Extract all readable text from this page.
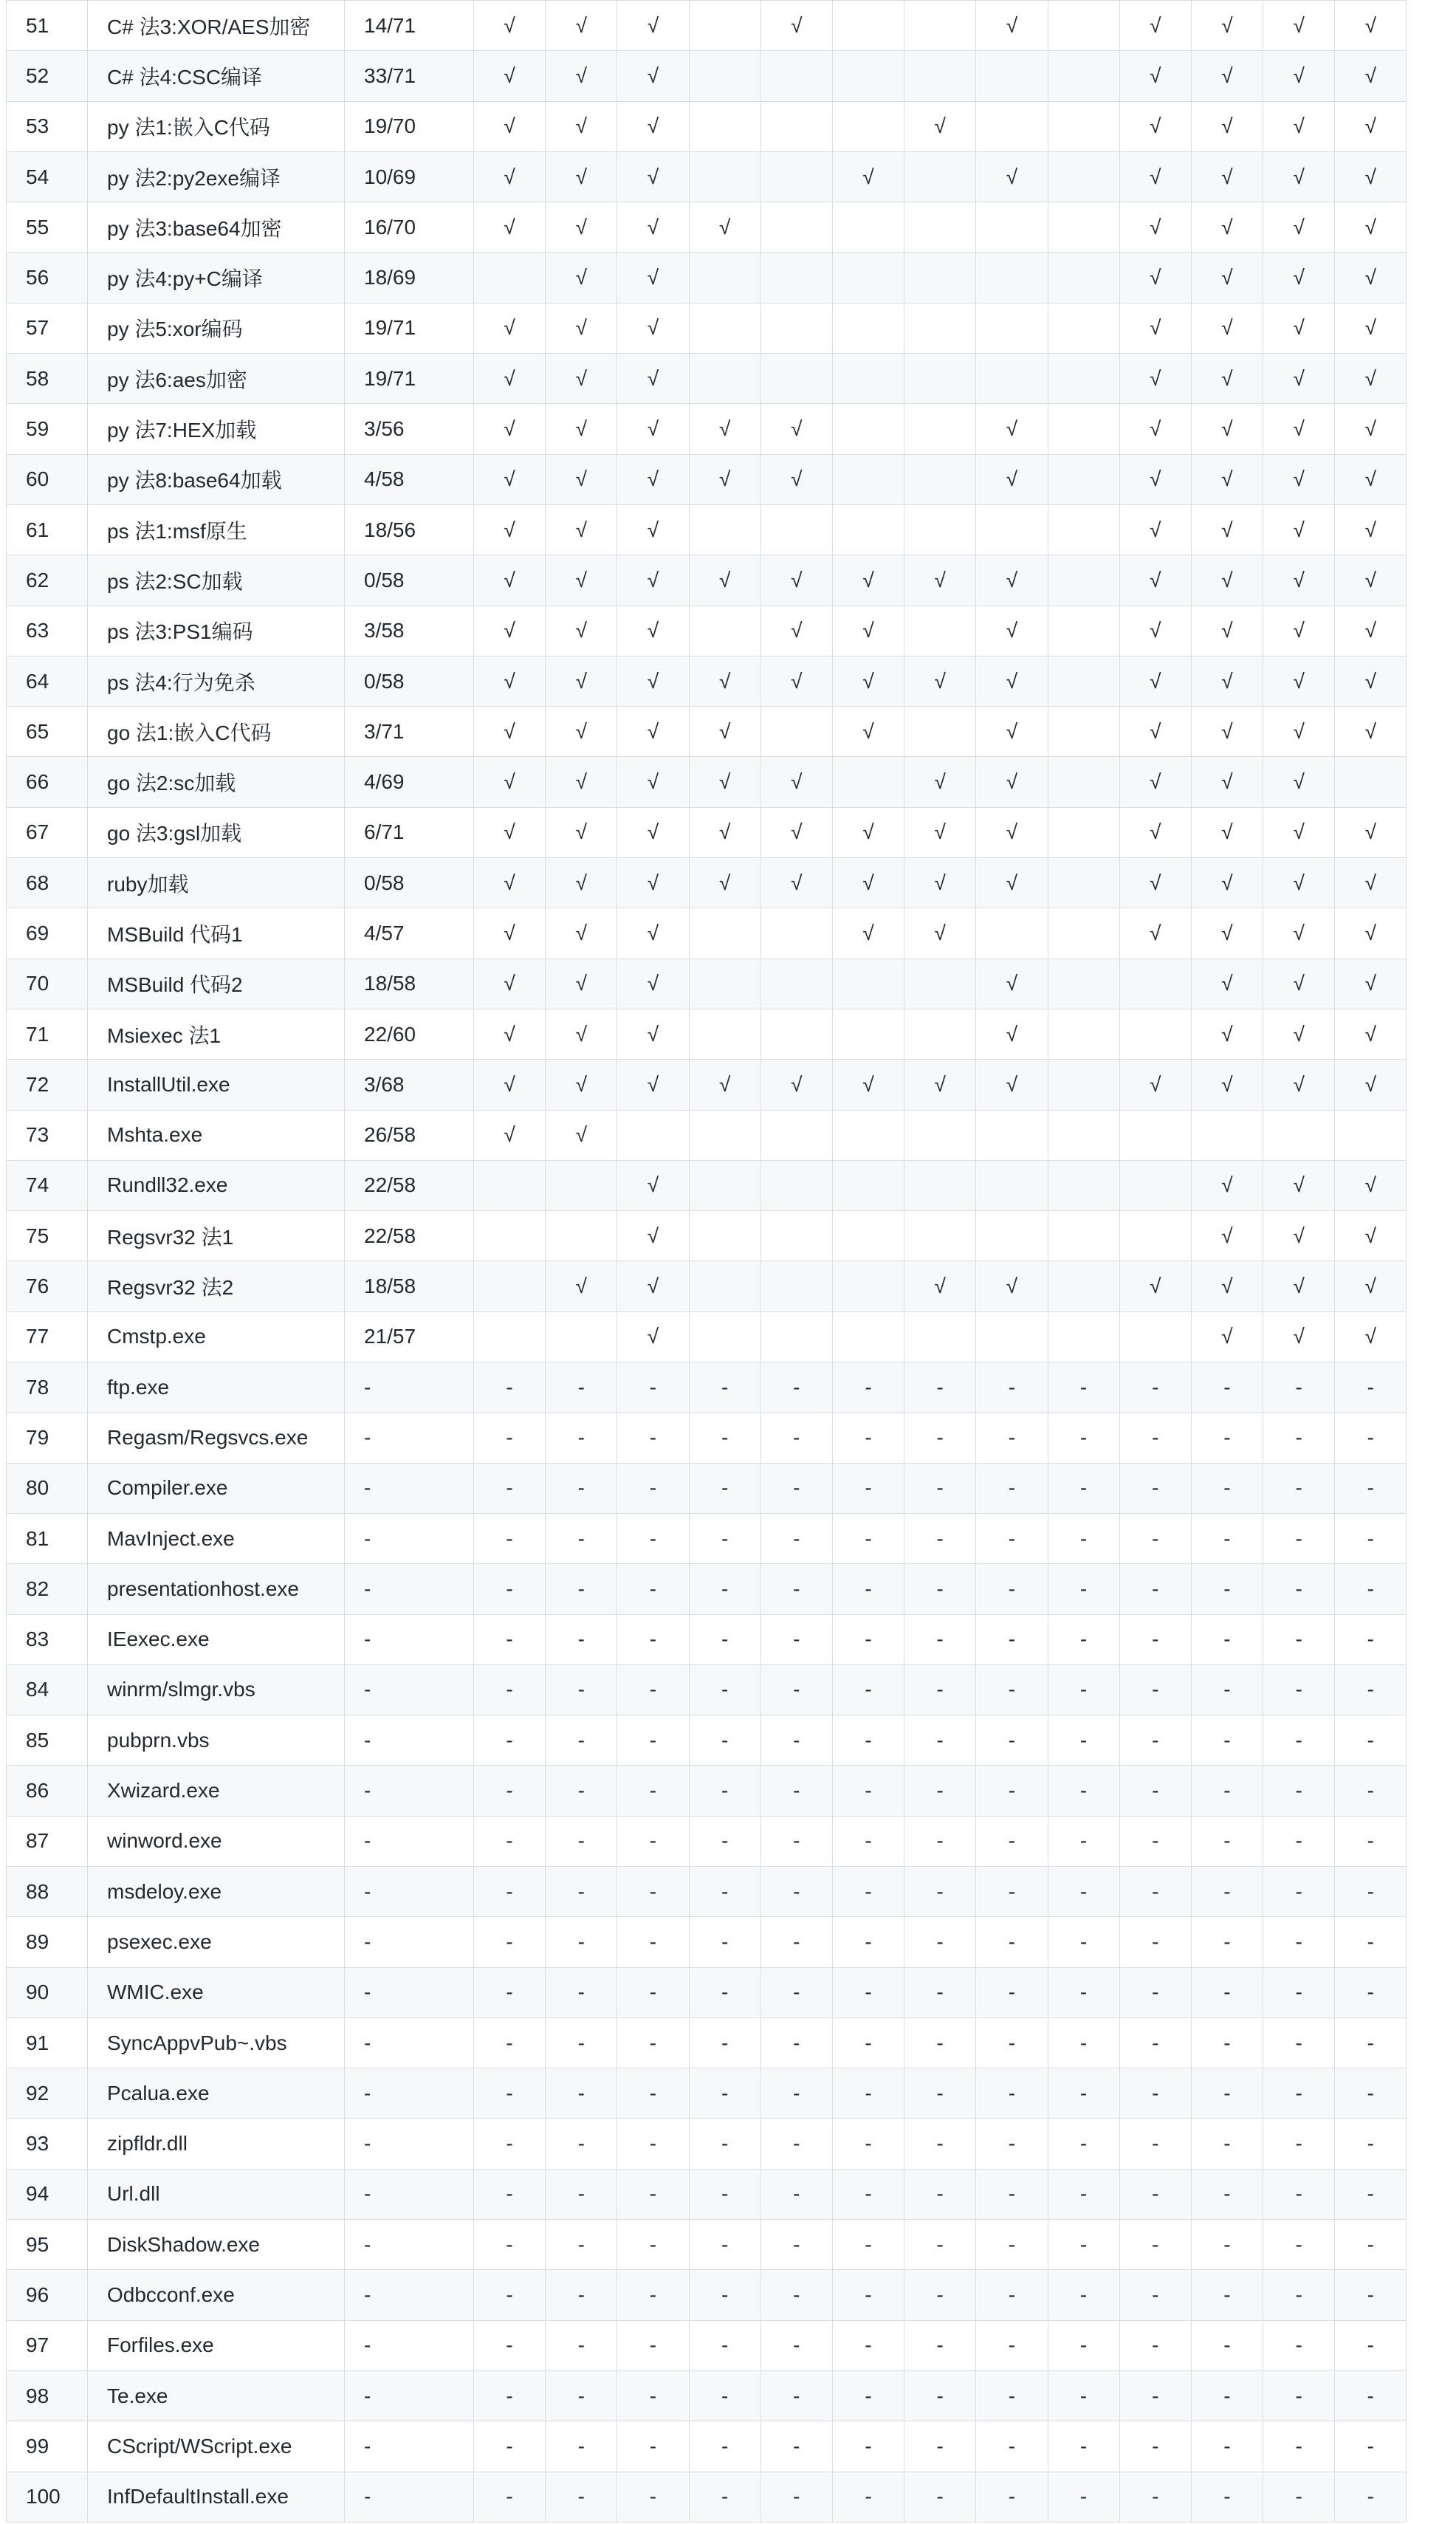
51	C# 法3:XOR/AES加密	14/71	√	√	√		√			√		√	√	√	√
52	C# 法4:CSC编译	33/71	√	√	√							√	√	√	√
53	py 法1:嵌入C代码	19/70	√	√	√				√			√	√	√	√
54	py 法2:py2exe编译	10/69	√	√	√			√		√		√	√	√	√
55	py 法3:base64加密	16/70	√	√	√	√						√	√	√	√
56	py 法4:py+C编译	18/69		√	√							√	√	√	√
57	py 法5:xor编码	19/71	√	√	√							√	√	√	√
58	py 法6:aes加密	19/71	√	√	√							√	√	√	√
59	py 法7:HEX加载	3/56	√	√	√	√	√			√		√	√	√	√
60	py 法8:base64加载	4/58	√	√	√	√	√			√		√	√	√	√
61	ps 法1:msf原生	18/56	√	√	√							√	√	√	√
62	ps 法2:SC加载	0/58	√	√	√	√	√	√	√	√		√	√	√	√
63	ps 法3:PS1编码	3/58	√	√	√		√	√		√		√	√	√	√
64	ps 法4:行为免杀	0/58	√	√	√	√	√	√	√	√		√	√	√	√
65	go 法1:嵌入C代码	3/71	√	√	√	√		√		√		√	√	√	√
66	go 法2:sc加载	4/69	√	√	√	√	√		√	√		√	√	√	
67	go 法3:gsl加载	6/71	√	√	√	√	√	√	√	√		√	√	√	√
68	ruby加载	0/58	√	√	√	√	√	√	√	√		√	√	√	√
69	MSBuild 代码1	4/57	√	√	√			√	√			√	√	√	√
70	MSBuild 代码2	18/58	√	√	√					√			√	√	√
71	Msiexec 法1	22/60	√	√	√					√			√	√	√
72	InstallUtil.exe	3/68	√	√	√	√	√	√	√	√		√	√	√	√
73	Mshta.exe	26/58	√	√											
74	Rundll32.exe	22/58			√								√	√	√
75	Regsvr32 法1	22/58			√								√	√	√
76	Regsvr32 法2	18/58		√	√				√	√		√	√	√	√
77	Cmstp.exe	21/57			√								√	√	√
78	ftp.exe	-	-	-	-	-	-	-	-	-	-	-	-	-	-
79	Regasm/Regsvcs.exe	-	-	-	-	-	-	-	-	-	-	-	-	-	-
80	Compiler.exe	-	-	-	-	-	-	-	-	-	-	-	-	-	-
81	MavInject.exe	-	-	-	-	-	-	-	-	-	-	-	-	-	-
82	presentationhost.exe	-	-	-	-	-	-	-	-	-	-	-	-	-	-
83	IEexec.exe	-	-	-	-	-	-	-	-	-	-	-	-	-	-
84	winrm/slmgr.vbs	-	-	-	-	-	-	-	-	-	-	-	-	-	-
85	pubprn.vbs	-	-	-	-	-	-	-	-	-	-	-	-	-	-
86	Xwizard.exe	-	-	-	-	-	-	-	-	-	-	-	-	-	-
87	winword.exe	-	-	-	-	-	-	-	-	-	-	-	-	-	-
88	msdeloy.exe	-	-	-	-	-	-	-	-	-	-	-	-	-	-
89	psexec.exe	-	-	-	-	-	-	-	-	-	-	-	-	-	-
90	WMIC.exe	-	-	-	-	-	-	-	-	-	-	-	-	-	-
91	SyncAppvPub~.vbs	-	-	-	-	-	-	-	-	-	-	-	-	-	-
92	Pcalua.exe	-	-	-	-	-	-	-	-	-	-	-	-	-	-
93	zipfldr.dll	-	-	-	-	-	-	-	-	-	-	-	-	-	-
94	Url.dll	-	-	-	-	-	-	-	-	-	-	-	-	-	-
95	DiskShadow.exe	-	-	-	-	-	-	-	-	-	-	-	-	-	-
96	Odbcconf.exe	-	-	-	-	-	-	-	-	-	-	-	-	-	-
97	Forfiles.exe	-	-	-	-	-	-	-	-	-	-	-	-	-	-
98	Te.exe	-	-	-	-	-	-	-	-	-	-	-	-	-	-
99	CScript/WScript.exe	-	-	-	-	-	-	-	-	-	-	-	-	-	-
100	InfDefaultInstall.exe	-	-	-	-	-	-	-	-	-	-	-	-	-	-
